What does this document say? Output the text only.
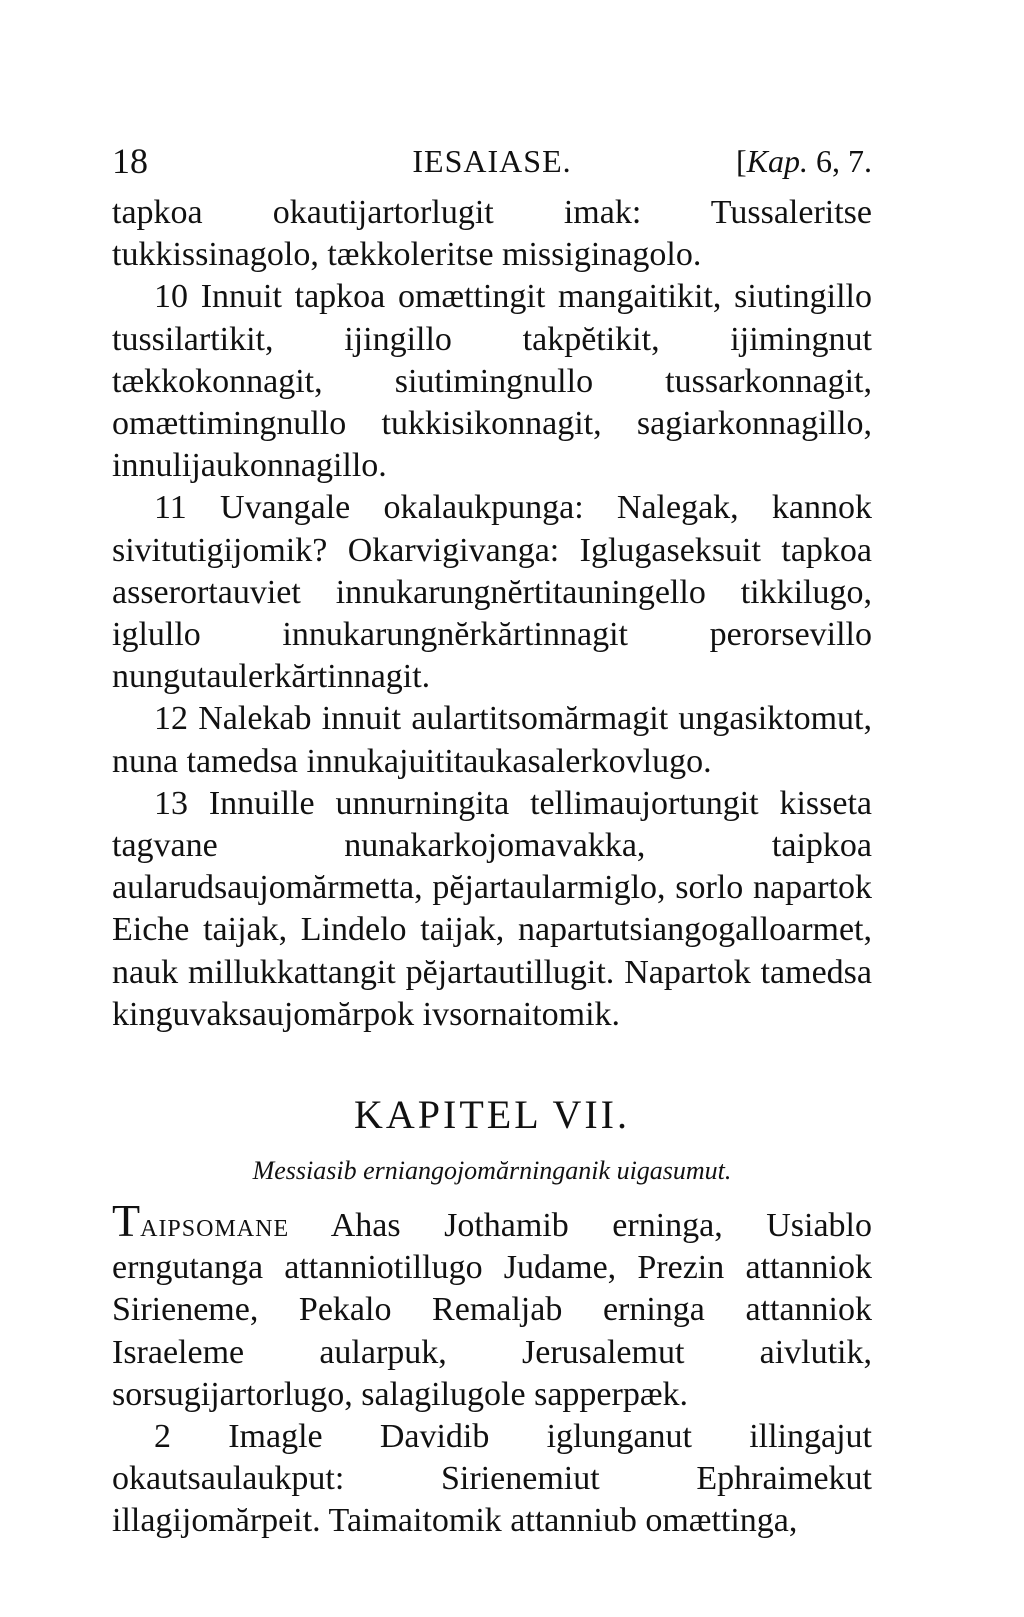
18	IESAIASE.	[Kap. 6, 7.

tapkoa okautijartorlugit imak: Tussaleritse tukkissinagolo, tækkoleritse missiginagolo.

10 Innuit tapkoa omættingit mangaitikit, siutingillo tussilartikit, ijingillo takpĕtikit, ijimingnut tækkokonnagit, siutimingnullo tussarkonnagit, omættimingnullo tukkisikonnagit, sagiarkonnagillo, innulijaukonnagillo.

11 Uvangale okalaukpunga: Nalegak, kannok sivitutigijomik? Okarvigivanga: Iglugaseksuit tapkoa asserortauviet innukarungnĕrtitauningello tikkilugo, iglullo innukarungnĕrkărtinnagit perorsevillo nungutaulerkărtinnagit.

12 Nalekab innuit aulartitsomărmagit ungasiktomut, nuna tamedsa innukajuititaukasalerkovlugo.

13 Innuille unnurningita tellimaujortungit kisseta tagvane nunakarkojomavakka, taipkoa aularudsaujomărmetta, pĕjartaularmiglo, sorlo napartok Eiche taijak, Lindelo taijak, napartutsiangogalloarmet, nauk millukkattangit pĕjartautillugit. Napartok tamedsa kinguvaksaujomărpok ivsornaitomik.

KAPITEL VII.
Messiasib erniangojomărninganik uigasumut.

Taipsomane Ahas Jothamib erninga, Usiablo erngutanga attanniotillugo Judame, Prezin attanniok Sirieneme, Pekalo Remaljab erninga attanniok Israeleme aularpuk, Jerusalemut aivlutik, sorsugijartorlugo, salagilugole sapperpæk.

2 Imagle Davidib iglunganut illingajut okautsaulaukput: Sirienemiut Ephraimekut illagijomărpeit. Taimaitomik attanniub omættinga,
